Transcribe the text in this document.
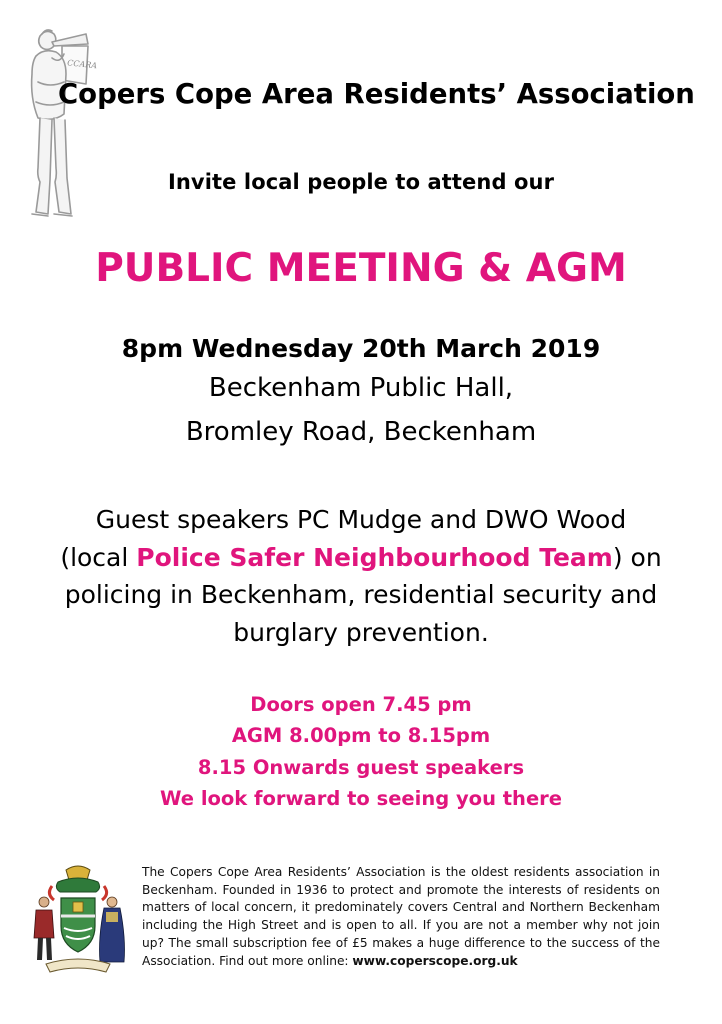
CCARA
Copers Cope Area Residents’ Association
Invite local people to attend our
PUBLIC MEETING & AGM
8pm Wednesday 20th March 2019
Beckenham Public Hall,
Bromley Road, Beckenham
Guest speakers PC Mudge and DWO Wood
(local Police Safer Neighbourhood Team) on
policing in Beckenham, residential security and
burglary prevention.
Doors open 7.45 pm
AGM 8.00pm to 8.15pm
8.15 Onwards guest speakers
We look forward to seeing you there
The Copers Cope Area Residents’ Association is the oldest residents association in Beckenham. Founded in 1936 to protect and promote the interests of residents on matters of local concern, it predominately covers Central and Northern Beckenham including the High Street and is open to all. If you are not a member why not join up? The small subscription fee of £5 makes a huge difference to the success of the Association. Find out more online: www.coperscope.org.uk
